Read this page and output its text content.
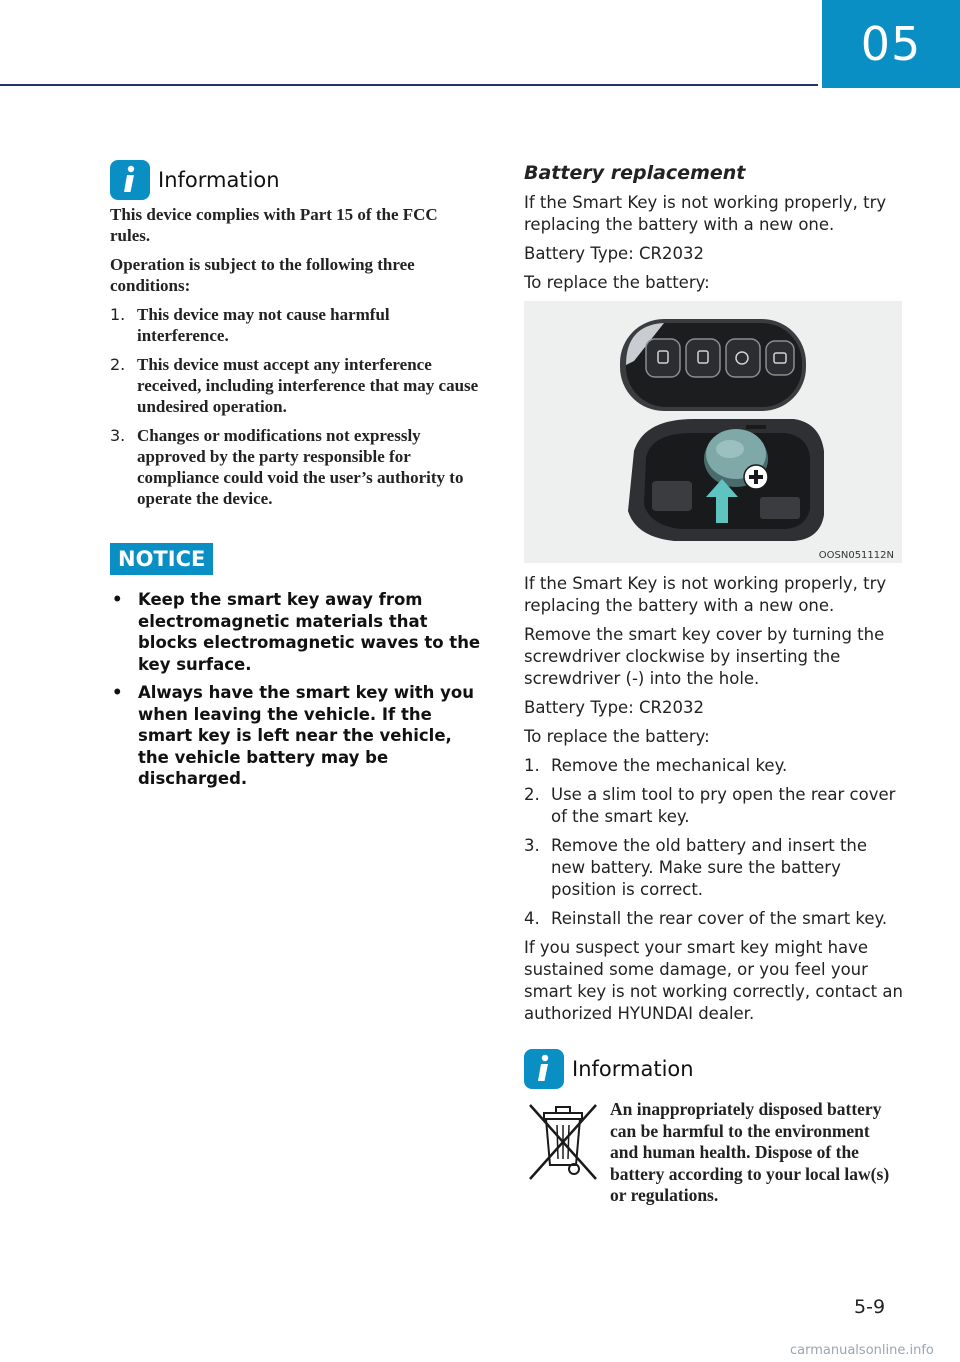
05
Information

This device complies with Part 15 of the FCC rules.

Operation is subject to the following three conditions:

1. This device may not cause harmful interference.
2. This device must accept any interference received, including interference that may cause undesired operation.
3. Changes or modifications not expressly approved by the party responsible for compliance could void the user’s authority to operate the device.
NOTICE
• Keep the smart key away from electromagnetic materials that blocks electromagnetic waves to the key surface.
• Always have the smart key with you when leaving the vehicle. If the smart key is left near the vehicle, the vehicle battery may be discharged.
Battery replacement

If the Smart Key is not working properly, try replacing the battery with a new one.

Battery Type: CR2032

To replace the battery:

OOSN051112N

If the Smart Key is not working properly, try replacing the battery with a new one.

Remove the smart key cover by turning the screwdriver clockwise by inserting the screwdriver (-) into the hole.

Battery Type: CR2032

To replace the battery:

1. Remove the mechanical key.
2. Use a slim tool to pry open the rear cover of the smart key.
3. Remove the old battery and insert the new battery. Make sure the battery position is correct.
4. Reinstall the rear cover of the smart key.

If you suspect your smart key might have sustained some damage, or you feel your smart key is not working correctly, contact an authorized HYUNDAI dealer.

Information
An inappropriately disposed battery can be harmful to the environment and human health. Dispose of the battery according to your local law(s) or regulations.
5-9
carmanualsonline.info
